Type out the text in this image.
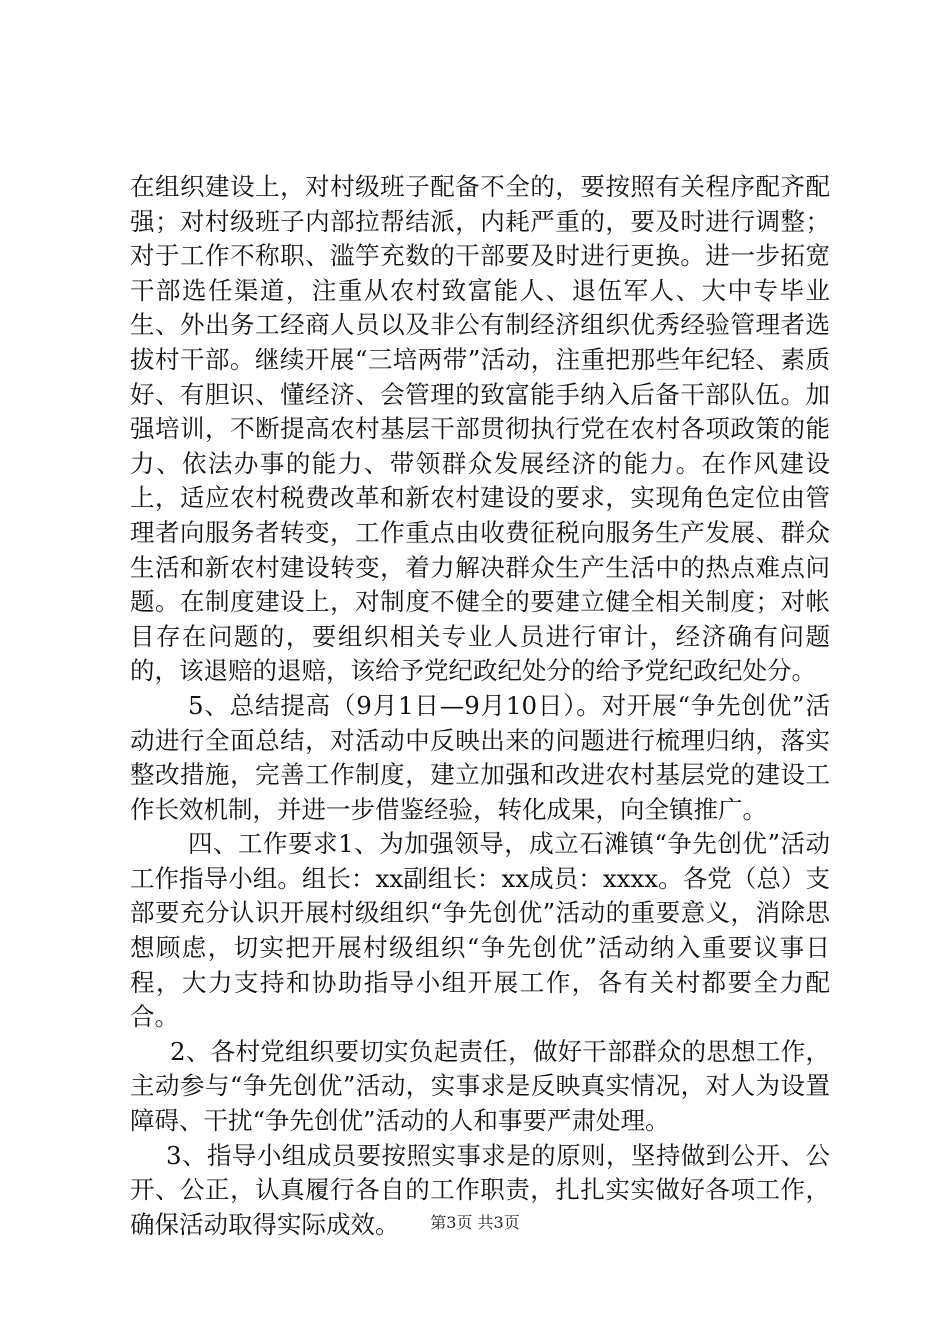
在组织建设上，对村级班子配备不全的，要按照有关程序配齐配强；对村级班子内部拉帮结派，内耗严重的，要及时进行调整；对于工作不称职、滥竽充数的干部要及时进行更换。进一步拓宽干部选任渠道，注重从农村致富能人、退伍军人、大中专毕业生、外出务工经商人员以及非公有制经济组织优秀经验管理者选拔村干部。继续开展“三培两带”活动，注重把那些年纪轻、素质好、有胆识、懂经济、会管理的致富能手纳入后备干部队伍。加强培训，不断提高农村基层干部贯彻执行党在农村各项政策的能力、依法办事的能力、带领群众发展经济的能力。在作风建设上，适应农村税费改革和新农村建设的要求，实现角色定位由管理者向服务者转变，工作重点由收费征税向服务生产发展、群众生活和新农村建设转变，着力解决群众生产生活中的热点难点问题。在制度建设上，对制度不健全的要建立健全相关制度；对帐目存在问题的，要组织相关专业人员进行审计，经济确有问题的，该退赔的退赔，该给予党纪政纪处分的给予党纪政纪处分。

5、总结提高（9月1日—9月10日）。对开展“争先创优”活动进行全面总结，对活动中反映出来的问题进行梳理归纳，落实整改措施，完善工作制度，建立加强和改进农村基层党的建设工作长效机制，并进一步借鉴经验，转化成果，向全镇推广。

四、工作要求1、为加强领导，成立石滩镇“争先创优”活动工作指导小组。组长：xx副组长：xx成员：xxxx。各党（总）支部要充分认识开展村级组织“争先创优”活动的重要意义，消除思想顾虑，切实把开展村级组织“争先创优”活动纳入重要议事日程，大力支持和协助指导小组开展工作，各有关村都要全力配合。

2、各村党组织要切实负起责任，做好干部群众的思想工作，主动参与“争先创优”活动，实事求是反映真实情况，对人为设置障碍、干扰“争先创优”活动的人和事要严肃处理。

3、指导小组成员要按照实事求是的原则，坚持做到公开、公开、公正，认真履行各自的工作职责，扎扎实实做好各项工作，确保活动取得实际成效。	第3页 共3页
